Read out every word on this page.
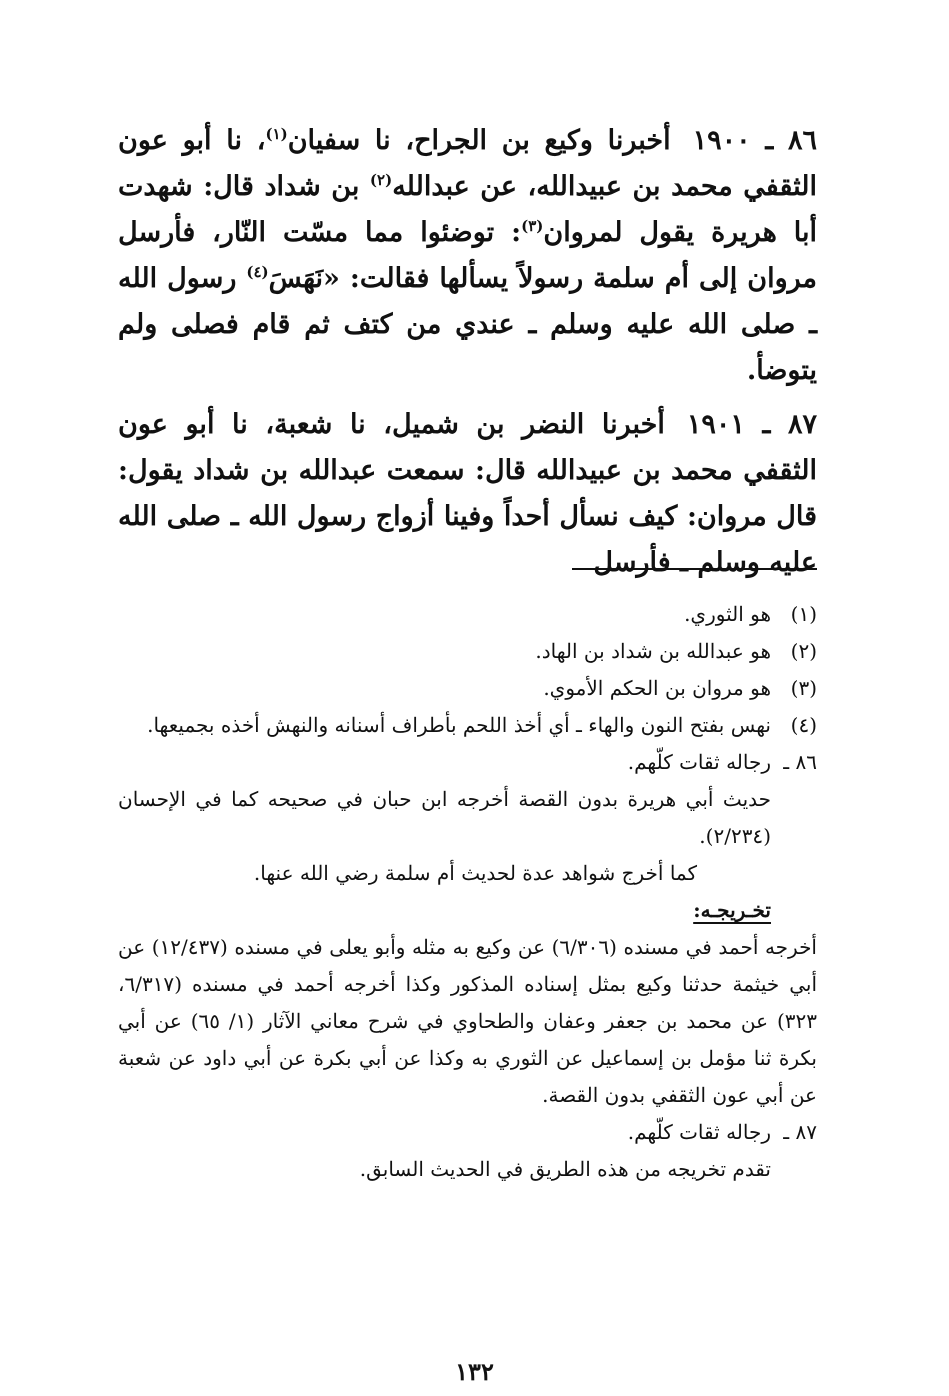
٨٦ ـ ١٩٠٠أخبرنا وكيع بن الجراح، نا سفيان$^{(١)}$، نا أبو عون الثقفي محمد بن عبيدالله، عن عبدالله$^{(٢)}$ بن شداد قال: شهدت أبا هريرة يقول لمروان$^{(٣)}$: توضئوا مما مسّت النّار، فأرسل مروان إلى أم سلمة رسولاً يسألها فقالت: «نَهَسَ$^{(٤)}$ رسول الله ـ صلى الله عليه وسلم ـ عندي من كتف ثم قام فصلى ولم يتوضأ.

٨٧ ـ ١٩٠١أخبرنا النضر بن شميل، نا شعبة، نا أبو عون الثقفي محمد بن عبيدالله قال: سمعت عبدالله بن شداد يقول: قال مروان: كيف نسأل أحداً وفينا أزواج رسول الله ـ صلى الله عليه وسلم ـ فأرسل

(١)
هو الثوري.
(٢)
هو عبدالله بن شداد بن الهاد.
(٣)
هو مروان بن الحكم الأموي.
(٤)
نهس بفتح النون والهاء ـ أي أخذ اللحم بأطراف أسنانه والنهش أخذه بجميعها.
٨٦ ـ
رجاله ثقات كلّهم.
حديث أبي هريرة بدون القصة أخرجه ابن حبان في صحيحه كما في الإحسان (٢/٢٣٤).
كما أخرج شواهد عدة لحديث أم سلمة رضي الله عنها.
تخـريجـه:
أخرجه أحمد في مسنده (٦/٣٠٦) عن وكيع به مثله وأبو يعلى في مسنده (١٢/٤٣٧) عن أبي خيثمة حدثنا وكيع بمثل إسناده المذكور وكذا أخرجه أحمد في مسنده (٦/٣١٧، ٣٢٣) عن محمد بن جعفر وعفان والطحاوي في شرح معاني الآثار (١/ ٦٥) عن أبي بكرة ثنا مؤمل بن إسماعيل عن الثوري به وكذا عن أبي بكرة عن أبي داود عن شعبة عن أبي عون الثقفي بدون القصة.
٨٧ ـ
رجاله ثقات كلّهم.
تقدم تخريجه من هذه الطريق في الحديث السابق.
١٣٢
